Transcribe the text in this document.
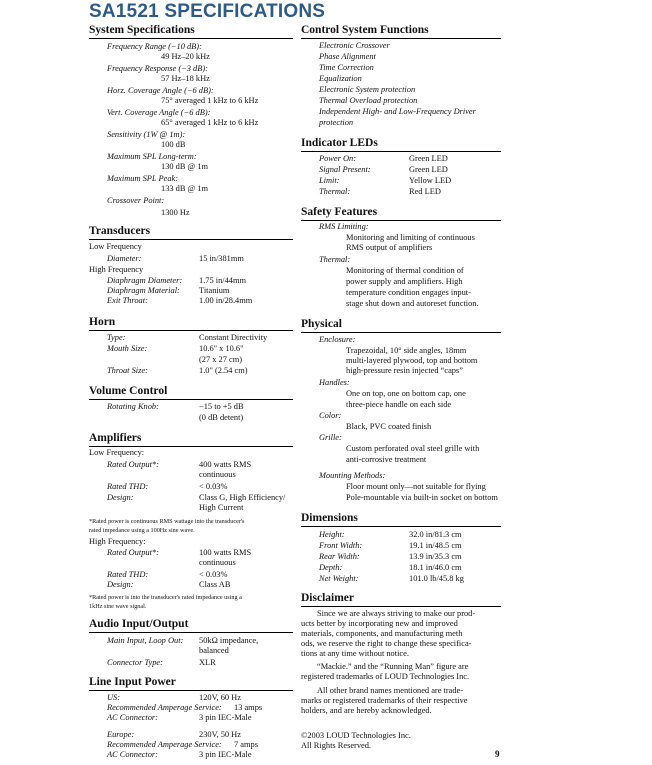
SA1521 SPECIFICATIONS
System Specifications
Frequency Range (−10 dB):
49 Hz–20 kHz
Frequency Response (−3 dB):
57 Hz–18 kHz
Horz. Coverage Angle (−6 dB):
75° averaged 1 kHz to 6 kHz
Vert. Coverage Angle (−6 dB):
65° averaged 1 kHz to 6 kHz
Sensitivity (1W @ 1m):
100 dB
Maximum SPL Long-term:
130 dB @ 1m
Maximum SPL Peak:
133 dB @ 1m
Crossover Point:
1300 Hz
Transducers
Low Frequency
Diameter:	15 in/381mm
High Frequency
Diaphragm Diameter: 1.75 in/44mm
Diaphragm Material: Titanium
Exit Throat:	1.00 in/28.4mm
Horn
Type:	Constant Directivity
Mouth Size:	10.6" x 10.6"
(27 x 27 cm)
Throat Size:	1.0" (2.54 cm)
Volume Control
Rotating Knob:	−15 to +5 dB
(0 dB detent)
Amplifiers
Low Frequency:
Rated Output*:	400 watts RMS
continuous
Rated THD:	< 0.03%
Design:	Class G, High Efficiency/
High Current
*Rated power is continuous RMS wattage into the transducer's
rated impedance using a 100Hz sine wave.
High Frequency:
Rated Output*:	100 watts RMS
continuous
Rated THD:	< 0.03%
Design:	Class AB
*Rated power is into the transducer's rated impedance using a
1kHz sine wave signal.
Audio Input/Output
Main Input, Loop Out: 50kΩ impedance,
balanced
Connector Type:	XLR
Line Input Power
US:	120V, 60 Hz
Recommended Amperage Service: 13 amps
AC Connector:	3 pin IEC-Male
Europe:	230V, 50 Hz
Recommended Amperage Service: 7 amps
AC Connector:	3 pin IEC-Male
Control System Functions
Electronic Crossover
Phase Alignment
Time Correction
Equalization
Electronic System protection
Thermal Overload protection
Independent High- and Low-Frequency Driver
protection
Indicator LEDs
Power On:	Green LED
Signal Present:	Green LED
Limit:	Yellow LED
Thermal:	Red LED
Safety Features
RMS Limiting:
Monitoring and limiting of continuous
RMS output of amplifiers
Thermal:
Monitoring of thermal condition of
power supply and amplifiers. High
temperature condition engages input-
stage shut down and autoreset function.
Physical
Enclosure:
Trapezoidal, 10° side angles, 18mm
multi-layered plywood, top and bottom
high-pressure resin injected “caps”
Handles:
One on top, one on bottom cap, one
three-piece handle on each side
Color:
Black, PVC coated finish
Grille:
Custom perforated oval steel grille with
anti-corrosive treatment
Mounting Methods:
Floor mount only—not suitable for flying
Pole-mountable via built-in socket on bottom
Dimensions
Height:	32.0 in/81.3 cm
Front Width:	19.1 in/48.5 cm
Rear Width:	13.9 in/35.3 cm
Depth:	18.1 in/46.0 cm
Net Weight:	101.0 lb/45.8 kg
Disclaimer
Since we are always striving to make our prod-
ucts better by incorporating new and improved
materials, components, and manufacturing meth
ods, we reserve the right to change these specifica-
tions at any time without notice.
“Mackie.” and the “Running Man” figure are
registered trademarks of LOUD Technologies Inc.
All other brand names mentioned are trade-
marks or registered trademarks of their respective
holders, and are hereby acknowledged.
©2003 LOUD Technologies Inc.
All Rights Reserved.
9
